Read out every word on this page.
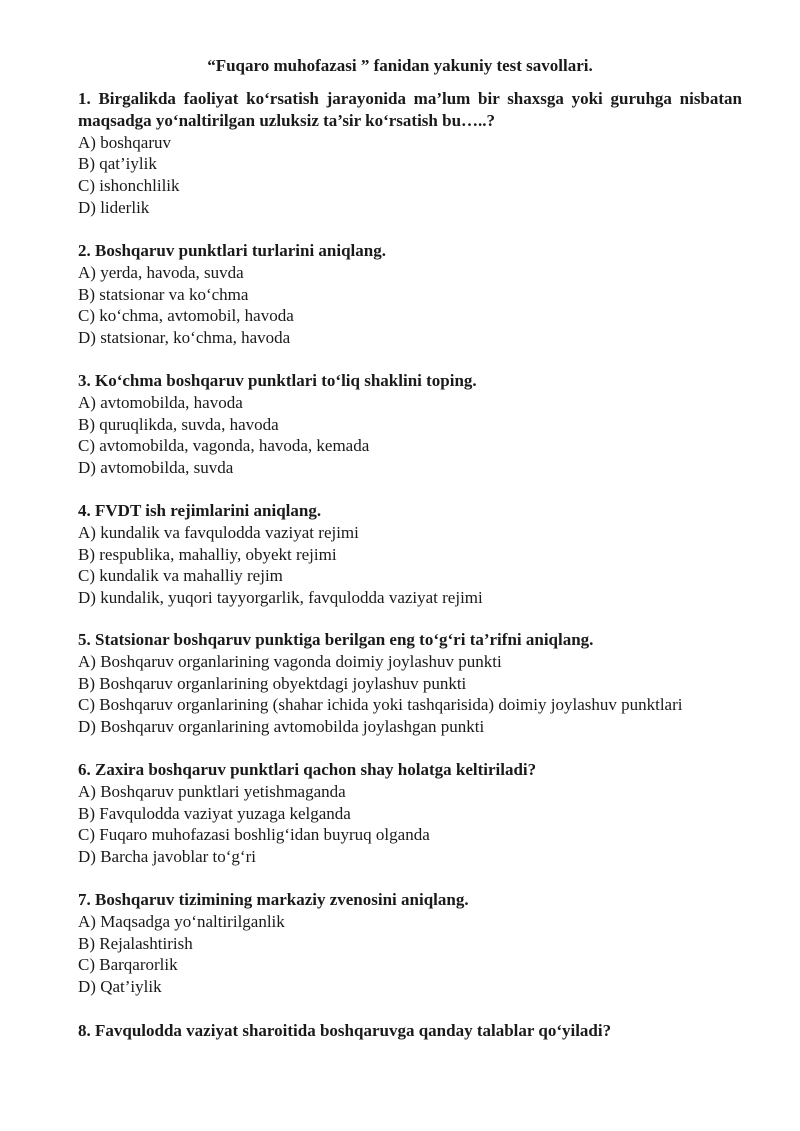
“Fuqaro muhofazasi ” fanidan yakuniy test savollari.
1. Birgalikda faoliyat ko‘rsatish jarayonida ma’lum bir shaxsga yoki guruhga nisbatan maqsadga yo‘naltirilgan uzluksiz ta’sir ko‘rsatish bu…..?
A) boshqaruv
B) qat’iylik
C) ishonchlilik
D) liderlik
2. Boshqaruv punktlari turlarini aniqlang.
A) yerda, havoda, suvda
B) statsionar va ko‘chma
C) ko‘chma, avtomobil, havoda
D) statsionar, ko‘chma, havoda
3. Ko‘chma boshqaruv punktlari to‘liq shaklini toping.
A) avtomobilda, havoda
B) quruqlikda, suvda, havoda
C) avtomobilda, vagonda, havoda, kemada
D) avtomobilda, suvda
4. FVDT ish rejimlarini aniqlang.
A) kundalik va favqulodda vaziyat rejimi
B) respublika, mahalliy, obyekt rejimi
C) kundalik va mahalliy rejim
D) kundalik, yuqori tayyorgarlik, favqulodda vaziyat rejimi
5. Statsionar boshqaruv punktiga berilgan eng to‘g‘ri ta’rifni aniqlang.
A) Boshqaruv organlarining vagonda doimiy joylashuv punkti
B) Boshqaruv organlarining obyektdagi joylashuv punkti
C) Boshqaruv organlarining (shahar ichida yoki tashqarisida) doimiy joylashuv punktlari
D) Boshqaruv organlarining avtomobilda joylashgan punkti
6. Zaxira boshqaruv punktlari qachon shay holatga keltiriladi?
A) Boshqaruv punktlari yetishmaganda
B) Favqulodda vaziyat yuzaga kelganda
C) Fuqaro muhofazasi boshlig‘idan buyruq olganda
D) Barcha javoblar to‘g‘ri
7. Boshqaruv tizimining markaziy zvenosini aniqlang.
A) Maqsadga yo‘naltirilganlik
B) Rejalashtirish
C) Barqarorlik
D) Qat’iylik
8. Favqulodda vaziyat sharoitida boshqaruvga qanday talablar qo‘yiladi?
